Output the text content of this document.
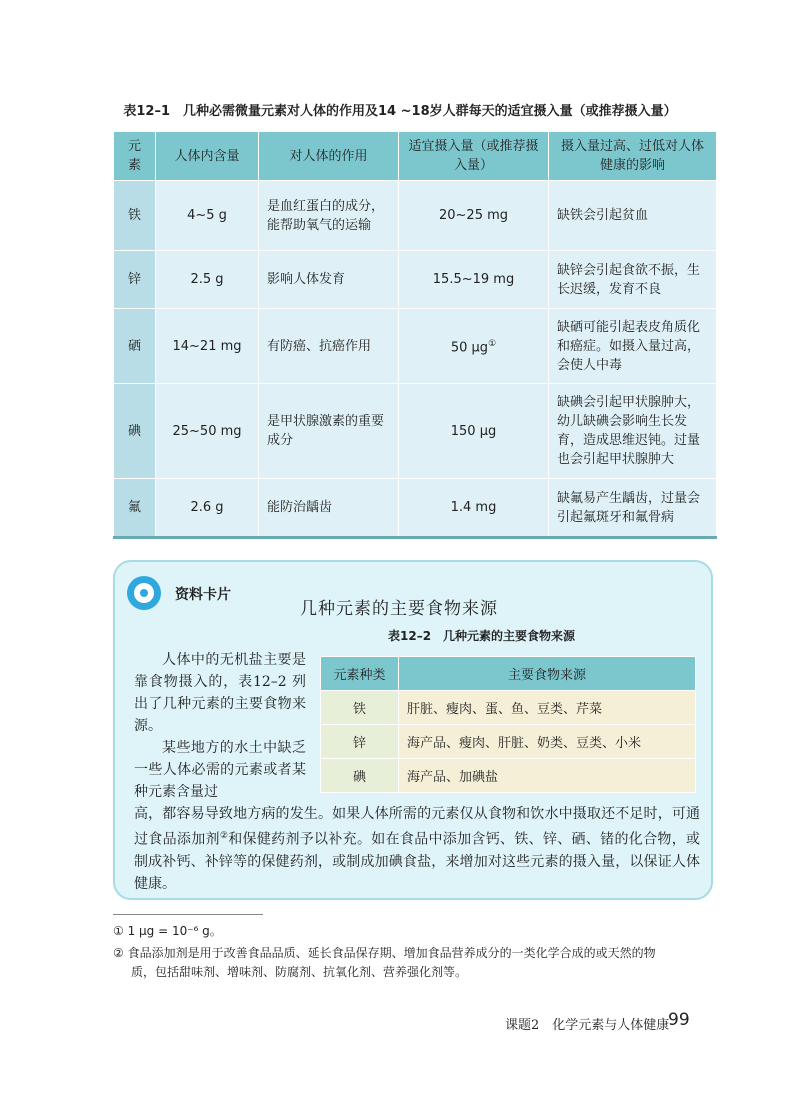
表12–1　几种必需微量元素对人体的作用及14 ~18岁人群每天的适宜摄入量（或推荐摄入量）
元素	人体内含量	对人体的作用	适宜摄入量（或推荐摄入量）	摄入量过高、过低对人体健康的影响
铁	4~5 g	是血红蛋白的成分，能帮助氧气的运输	20~25 mg	缺铁会引起贫血
锌	2.5 g	影响人体发育	15.5~19 mg	缺锌会引起食欲不振，生长迟缓，发育不良
硒	14~21 mg	有防癌、抗癌作用	50 μg①	缺硒可能引起表皮角质化和癌症。如摄入量过高，会使人中毒
碘	25~50 mg	是甲状腺激素的重要成分	150 μg	缺碘会引起甲状腺肿大，幼儿缺碘会影响生长发育，造成思维迟钝。过量也会引起甲状腺肿大
氟	2.6 g	能防治龋齿	1.4 mg	缺氟易产生龋齿，过量会引起氟斑牙和氟骨病
资料卡片
几种元素的主要食物来源
表12–2　几种元素的主要食物来源
人体中的无机盐主要是靠食物摄入的，表12–2 列出了几种元素的主要食物来源。
某些地方的水土中缺乏一些人体必需的元素或者某种元素含量过
元素种类	主要食物来源
铁	肝脏、瘦肉、蛋、鱼、豆类、芹菜
锌	海产品、瘦肉、肝脏、奶类、豆类、小米
碘	海产品、加碘盐
高，都容易导致地方病的发生。如果人体所需的元素仅从食物和饮水中摄取还不足时，可通过食品添加剂②和保健药剂予以补充。如在食品中添加含钙、铁、锌、硒、锗的化合物，或制成补钙、补锌等的保健药剂，或制成加碘食盐，来增加对这些元素的摄入量，以保证人体健康。
① 1 μg = 10⁻⁶ g。
② 食品添加剂是用于改善食品品质、延长食品保存期、增加食品营养成分的一类化学合成的或天然的物
质，包括甜味剂、增味剂、防腐剂、抗氧化剂、营养强化剂等。
课题2　化学元素与人体健康
99
